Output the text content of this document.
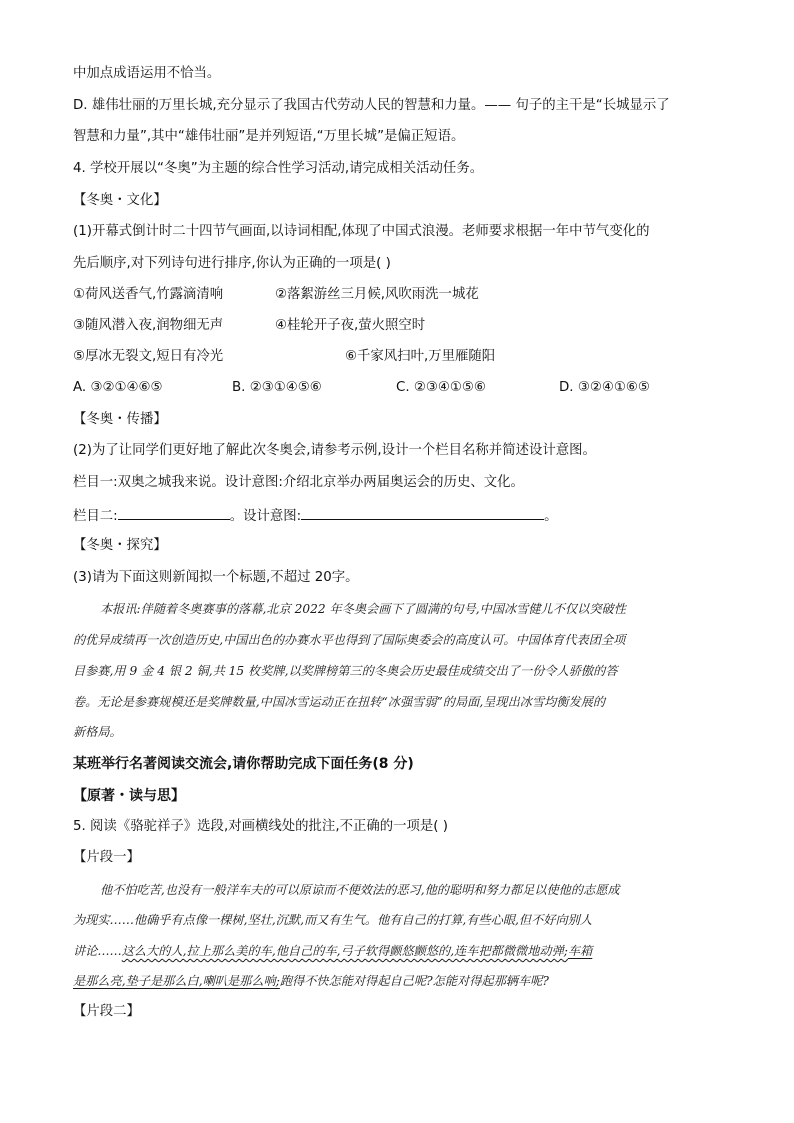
中加点成语运用不恰当。
D. 雄伟壮丽的万里长城,充分显示了我国古代劳动人民的智慧和力量。—— 句子的主干是“长城显示了
智慧和力量”,其中“雄伟壮丽”是并列短语,“万里长城”是偏正短语。
4. 学校开展以“冬奥”为主题的综合性学习活动,请完成相关活动任务。
【冬奥・文化】
(1)开幕式倒计时二十四节气画面,以诗词相配,体现了中国式浪漫。老师要求根据一年中节气变化的
先后顺序,对下列诗句进行排序,你认为正确的一项是( )
①荷风送香气,竹露滴清响	②落絮游丝三月候,风吹雨洗一城花
③随风潜入夜,润物细无声	④桂轮开子夜,萤火照空时
⑤厚冰无裂文,短日有冷光	⑥千家风扫叶,万里雁随阳
A. ③②①④⑥⑤	B. ②③①④⑤⑥	C. ②③④①⑤⑥	D. ③②④①⑥⑤
【冬奥・传播】
(2)为了让同学们更好地了解此次冬奥会,请参考示例,设计一个栏目名称并简述设计意图。
栏目一:双奥之城我来说。设计意图:介绍北京举办两届奥运会的历史、文化。
栏目二:	。设计意图:	。
【冬奥・探究】
(3)请为下面这则新闻拟一个标题,不超过 20字。
本报讯:伴随着冬奥赛事的落幕,北京 2022 年冬奥会画下了圆满的句号,中国冰雪健儿不仅以突破性
的优异成绩再一次创造历史,中国出色的办赛水平也得到了国际奥委会的高度认可。中国体育代表团全项
目参赛,用 9 金 4 银 2 铜,共 15 枚奖牌,以奖牌榜第三的冬奥会历史最佳成绩交出了一份令人骄傲的答
卷。无论是参赛规模还是奖牌数量,中国冰雪运动正在扭转“冰强雪弱”的局面,呈现出冰雪均衡发展的
新格局。
某班举行名著阅读交流会,请你帮助完成下面任务(8 分)
【原著・读与思】
5. 阅读《骆驼祥子》选段,对画横线处的批注,不正确的一项是( )
【片段一】
他不怕吃苦,也没有一般洋车夫的可以原谅而不便效法的恶习,他的聪明和努力都足以使他的志愿成
为现实……他确乎有点像一棵树,坚壮,沉默,而又有生气。他有自己的打算,有些心眼,但不好向别人
讲论……这么大的人,拉上那么美的车,他自己的车,弓子软得颤悠颤悠的,连车把都微微地动弹;车箱
是那么亮,垫子是那么白,喇叭是那么响;跑得不快怎能对得起自己呢?怎能对得起那辆车呢?
【片段二】
